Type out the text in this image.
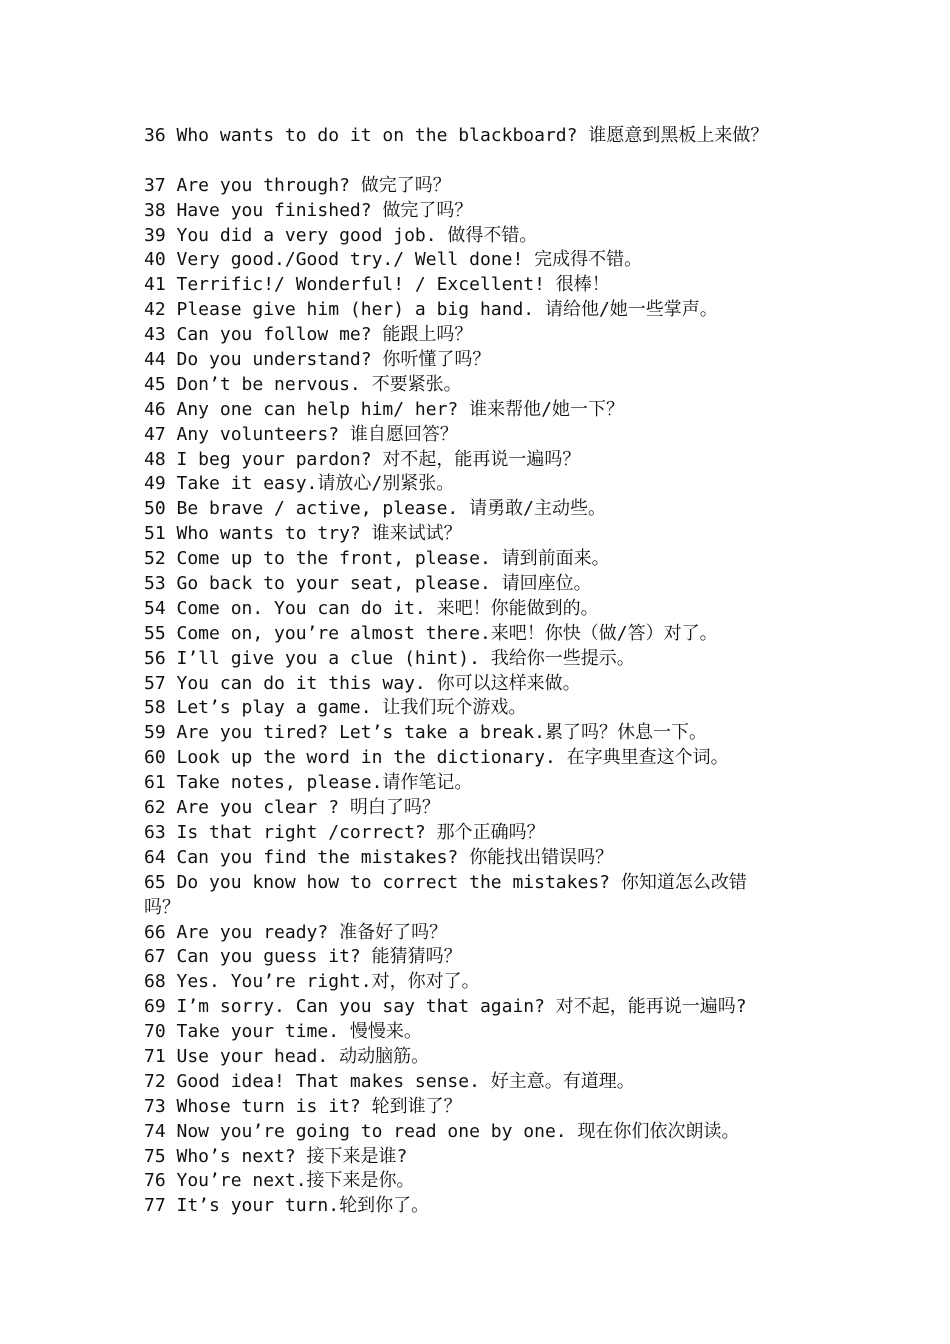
36 Who wants to do it on the blackboard? 谁愿意到黑板上来做？

37 Are you through? 做完了吗？

38 Have you finished? 做完了吗？

39 You did a very good job. 做得不错。

40 Very good./Good try./ Well done! 完成得不错。

41 Terrific!/ Wonderful! / Excellent! 很棒！

42 Please give him (her) a big hand. 请给他/她一些掌声。

43 Can you follow me? 能跟上吗？

44 Do you understand? 你听懂了吗？

45 Don’t be nervous. 不要紧张。

46 Any one can help him/ her? 谁来帮他/她一下？

47 Any volunteers? 谁自愿回答？

48 I beg your pardon? 对不起，能再说一遍吗？

49 Take it easy.请放心/别紧张。

50 Be brave / active, please. 请勇敢/主动些。

51 Who wants to try? 谁来试试？

52 Come up to the front, please. 请到前面来。

53 Go back to your seat, please. 请回座位。

54 Come on. You can do it. 来吧！你能做到的。

55 Come on, you’re almost there.来吧！你快（做/答）对了。

56 I’ll give you a clue (hint). 我给你一些提示。

57 You can do it this way. 你可以这样来做。

58 Let’s play a game. 让我们玩个游戏。

59 Are you tired? Let’s take a break.累了吗？休息一下。

60 Look up the word in the dictionary. 在字典里查这个词。

61 Take notes, please.请作笔记。

62 Are you clear ? 明白了吗？

63 Is that right /correct? 那个正确吗？

64 Can you find the mistakes? 你能找出错误吗？

65 Do you know how to correct the mistakes? 你知道怎么改错

吗？

66 Are you ready? 准备好了吗？

67 Can you guess it? 能猜猜吗？

68 Yes. You’re right.对，你对了。

69 I’m sorry. Can you say that again? 对不起，能再说一遍吗?

70 Take your time. 慢慢来。

71 Use your head. 动动脑筋。

72 Good idea! That makes sense. 好主意。有道理。

73 Whose turn is it? 轮到谁了？

74 Now you’re going to read one by one. 现在你们依次朗读。

75 Who’s next? 接下来是谁?

76 You’re next.接下来是你。

77 It’s your turn.轮到你了。
